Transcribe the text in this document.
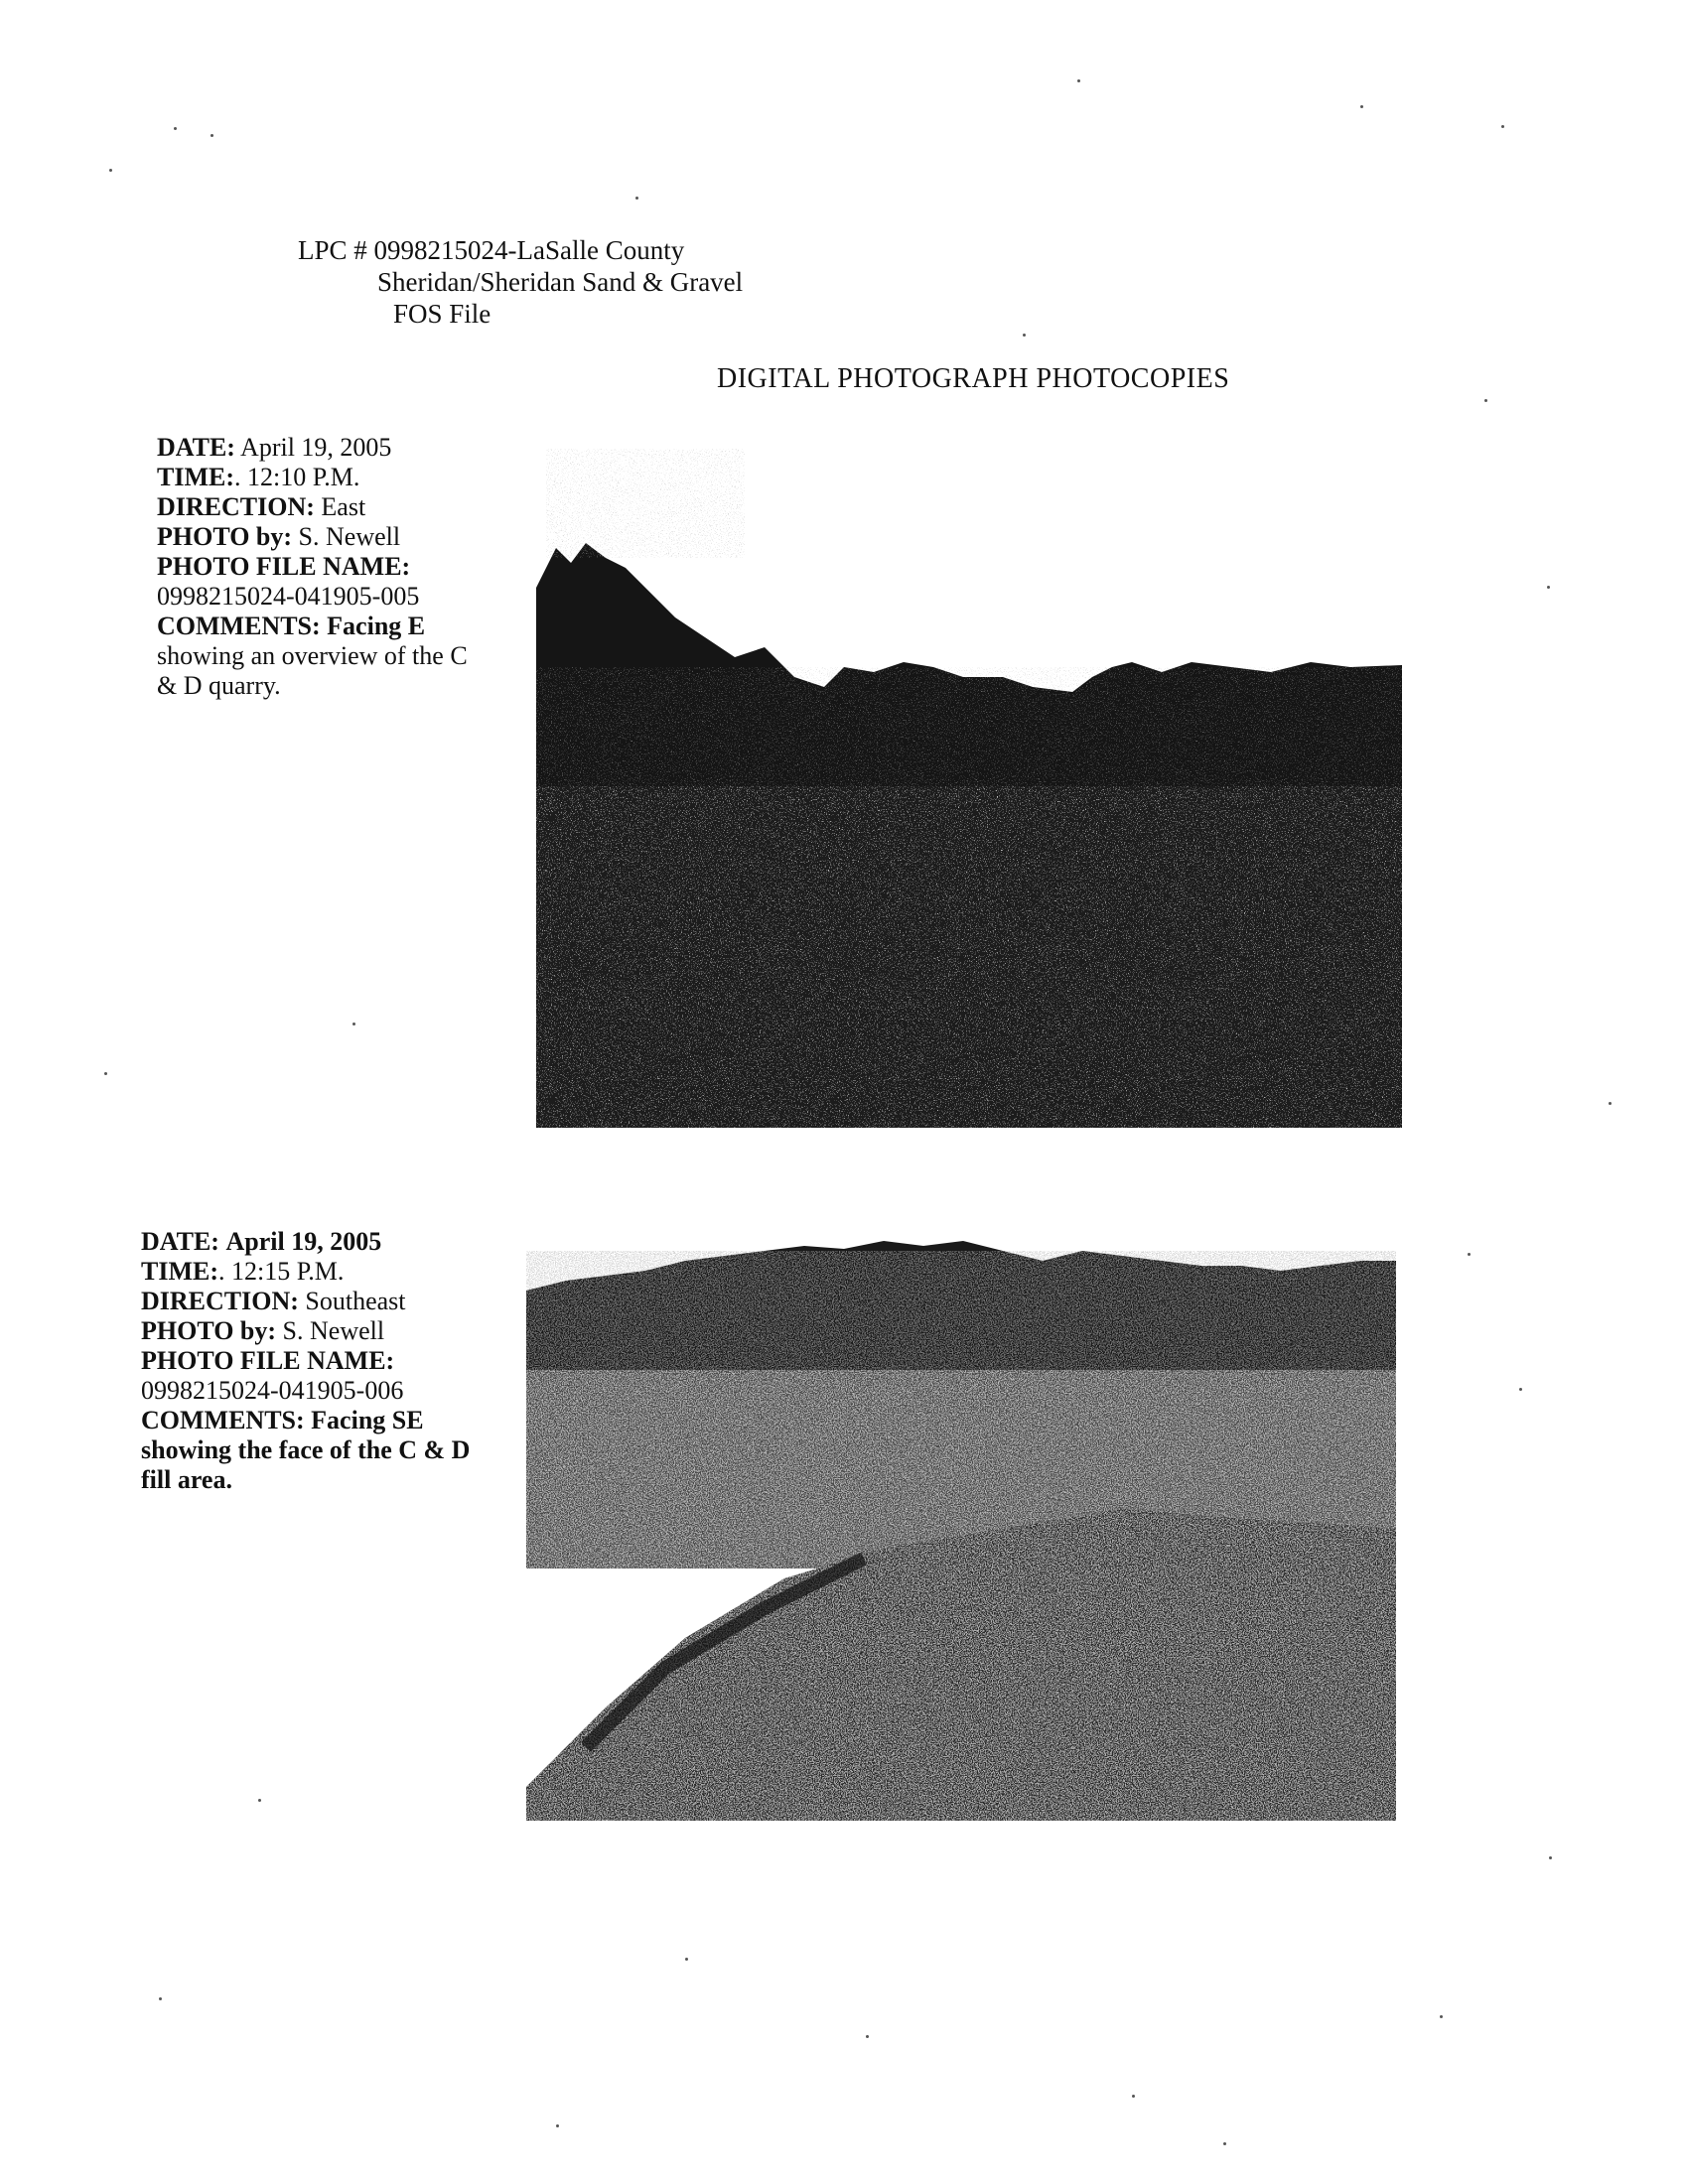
LPC # 0998215024-LaSalle County
Sheridan/Sheridan Sand & Gravel
FOS File
DIGITAL PHOTOGRAPH PHOTOCOPIES
DATE: April 19, 2005
TIME:. 12:10 P.M.
DIRECTION: East
PHOTO by: S. Newell
PHOTO FILE NAME:
0998215024-041905-005
COMMENTS: Facing E
showing an overview of the C
& D quarry.
DATE: April 19, 2005
TIME:. 12:15 P.M.
DIRECTION: Southeast
PHOTO by: S. Newell
PHOTO FILE NAME:
0998215024-041905-006
COMMENTS: Facing SE
showing the face of the C & D
fill area.
